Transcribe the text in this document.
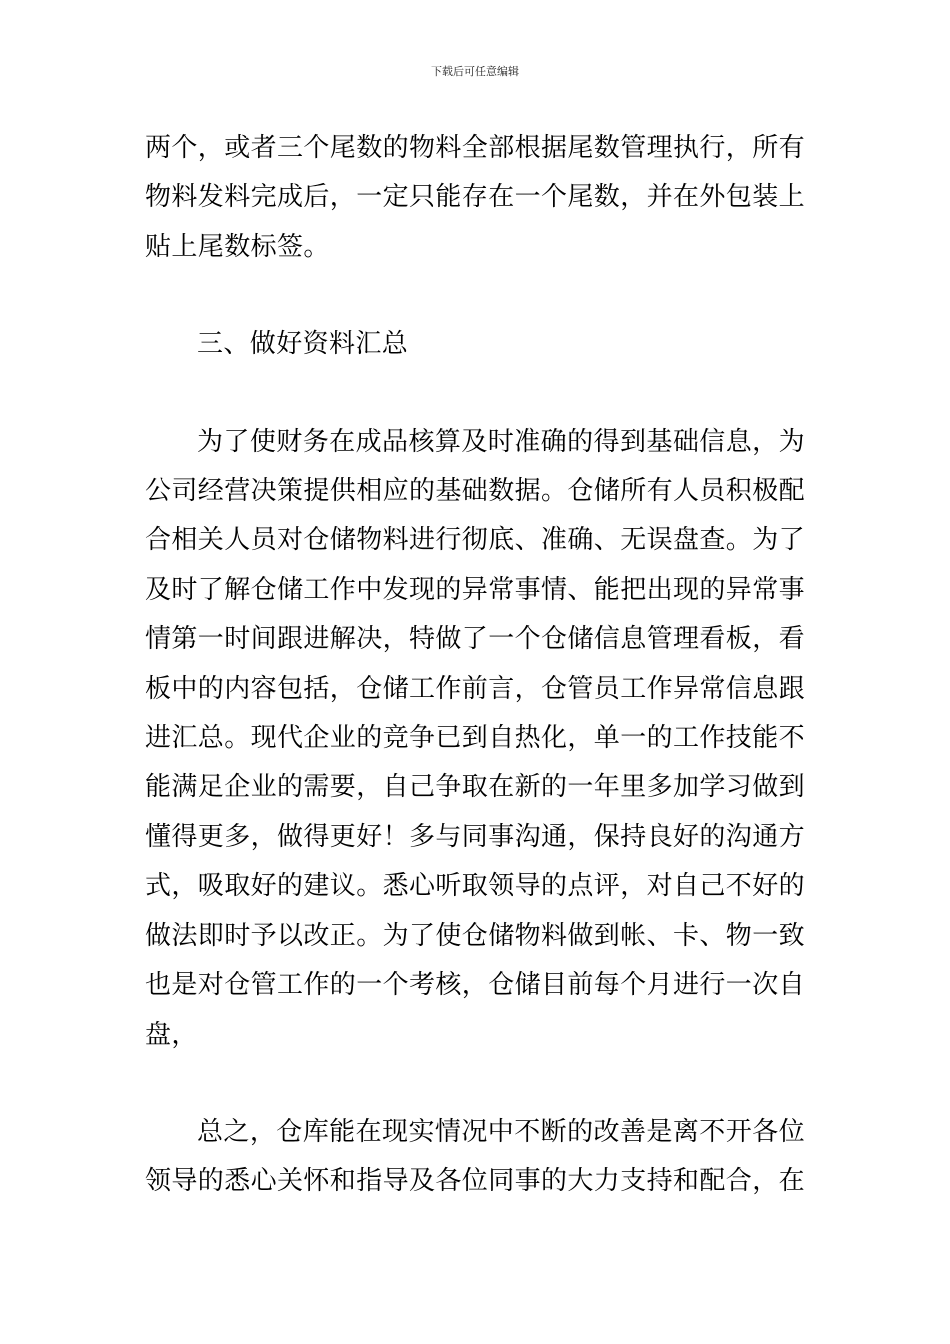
下载后可任意编辑

两个，或者三个尾数的物料全部根据尾数管理执行，所有物料发料完成后，一定只能存在一个尾数，并在外包装上贴上尾数标签。

三、做好资料汇总

为了使财务在成品核算及时准确的得到基础信息，为公司经营决策提供相应的基础数据。仓储所有人员积极配合相关人员对仓储物料进行彻底、准确、无误盘查。为了及时了解仓储工作中发现的异常事情、能把出现的异常事情第一时间跟进解决，特做了一个仓储信息管理看板，看板中的内容包括，仓储工作前言，仓管员工作异常信息跟进汇总。现代企业的竞争已到自热化，单一的工作技能不能满足企业的需要，自己争取在新的一年里多加学习做到懂得更多，做得更好！多与同事沟通，保持良好的沟通方式，吸取好的建议。悉心听取领导的点评，对自己不好的做法即时予以改正。为了使仓储物料做到帐、卡、物一致也是对仓管工作的一个考核，仓储目前每个月进行一次自盘，

总之，仓库能在现实情况中不断的改善是离不开各位领导的悉心关怀和指导及各位同事的大力支持和配合，在
